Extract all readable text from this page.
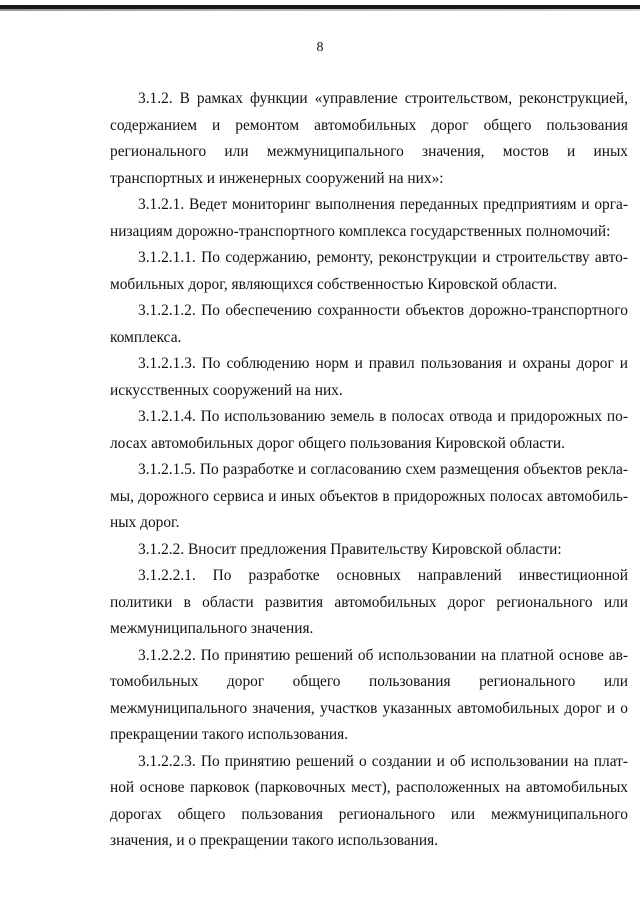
8

3.1.2. В рамках функции «управление строительством, реконструкцией, содержанием и ремонтом автомобильных дорог общего пользования регионального или межмуниципального значения, мостов и иных транспортных и инженерных сооружений на них»:

3.1.2.1. Ведет мониторинг выполнения переданных предприятиям и организациям дорожно-транспортного комплекса государственных полномочий:

3.1.2.1.1. По содержанию, ремонту, реконструкции и строительству автомобильных дорог, являющихся собственностью Кировской области.

3.1.2.1.2. По обеспечению сохранности объектов дорожно-транспортного комплекса.

3.1.2.1.3. По соблюдению норм и правил пользования и охраны дорог и искусственных сооружений на них.

3.1.2.1.4. По использованию земель в полосах отвода и придорожных полосах автомобильных дорог общего пользования Кировской области.

3.1.2.1.5. По разработке и согласованию схем размещения объектов рекламы, дорожного сервиса и иных объектов в придорожных полосах автомобильных дорог.

3.1.2.2. Вносит предложения Правительству Кировской области:

3.1.2.2.1. По разработке основных направлений инвестиционной политики в области развития автомобильных дорог регионального или межмуниципального значения.

3.1.2.2.2. По принятию решений об использовании на платной основе автомобильных дорог общего пользования регионального или межмуниципального значения, участков указанных автомобильных дорог и о прекращении такого использования.

3.1.2.2.3. По принятию решений о создании и об использовании на платной основе парковок (парковочных мест), расположенных на автомобильных дорогах общего пользования регионального или межмуниципального значения, и о прекращении такого использования.
